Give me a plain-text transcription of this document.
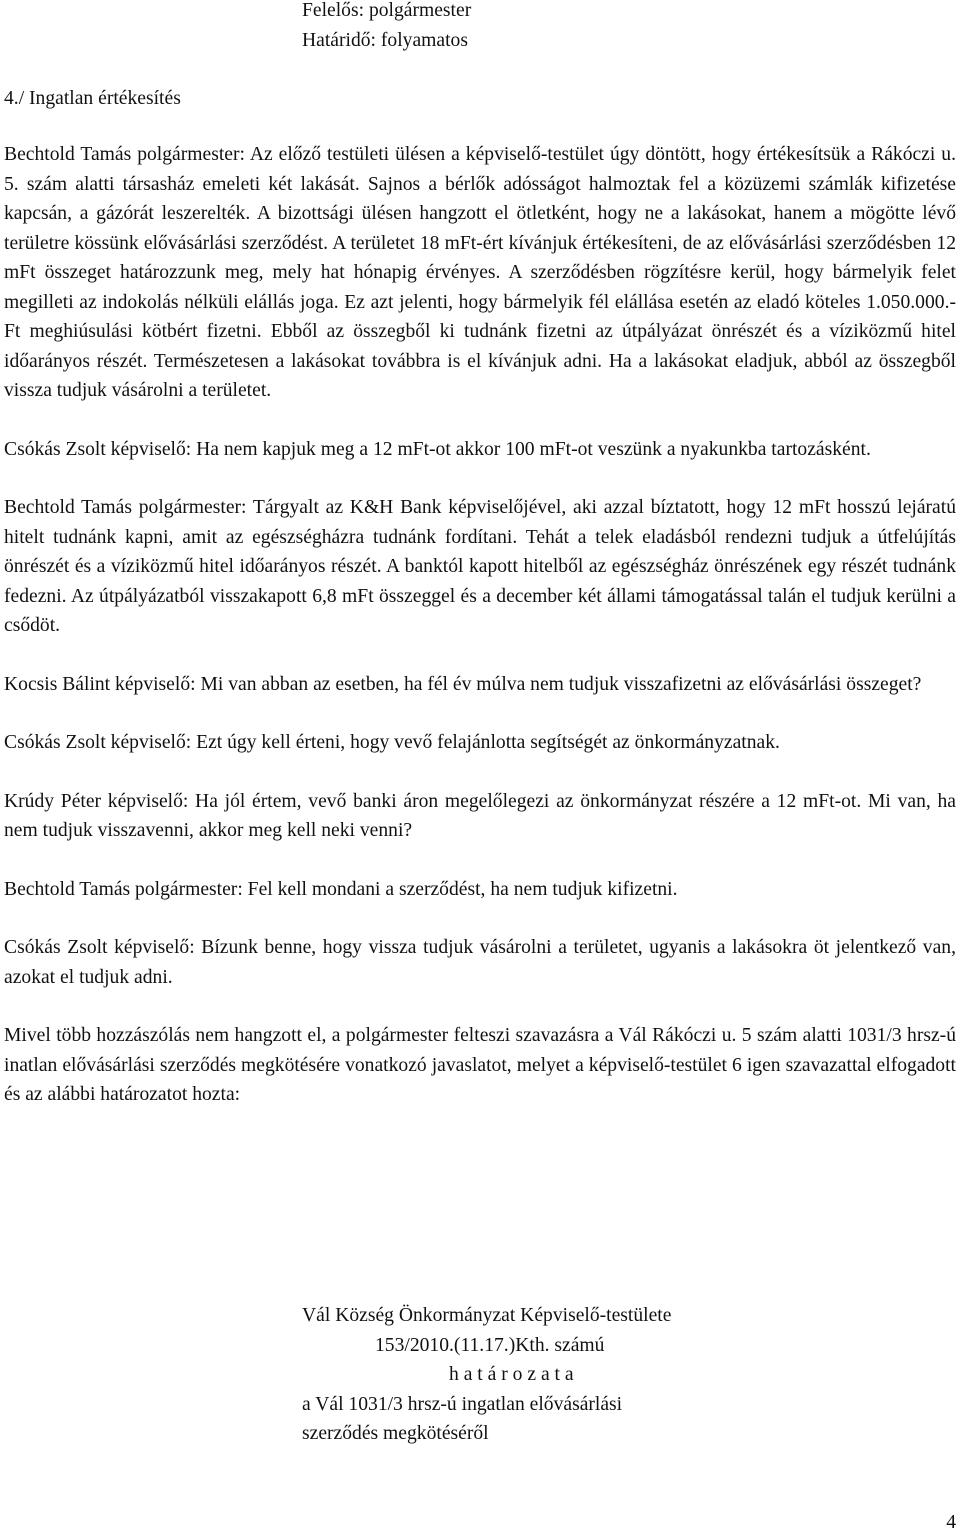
Felelős: polgármester
Határidő: folyamatos
4./ Ingatlan értékesítés

Bechtold Tamás polgármester: Az előző testületi ülésen a képviselő-testület úgy döntött, hogy értékesítsük a Rákóczi u. 5. szám alatti társasház emeleti két lakását. Sajnos a bérlők adósságot halmoztak fel a közüzemi számlák kifizetése kapcsán, a gázórát leszerelték. A bizottsági ülésen hangzott el ötletként, hogy ne a lakásokat, hanem a mögötte lévő területre kössünk elővásárlási szerződést. A területet 18 mFt-ért kívánjuk értékesíteni, de az elővásárlási szerződésben 12 mFt összeget határozzunk meg, mely hat hónapig érvényes. A szerződésben rögzítésre kerül, hogy bármelyik felet megilleti az indokolás nélküli elállás joga. Ez azt jelenti, hogy bármelyik fél elállása esetén az eladó köteles 1.050.000.-Ft meghiúsulási kötbért fizetni. Ebből az összegből ki tudnánk fizetni az útpályázat önrészét és a víziközmű hitel időarányos részét. Természetesen a lakásokat továbbra is el kívánjuk adni. Ha a lakásokat eladjuk, abból az összegből vissza tudjuk vásárolni a területet.

Csókás Zsolt képviselő: Ha nem kapjuk meg a 12 mFt-ot akkor 100 mFt-ot veszünk a nyakunkba tartozásként.

Bechtold Tamás polgármester: Tárgyalt az K&H Bank képviselőjével, aki azzal bíztatott, hogy 12 mFt hosszú lejáratú hitelt tudnánk kapni, amit az egészségházra tudnánk fordítani. Tehát a telek eladásból rendezni tudjuk a útfelújítás önrészét és a víziközmű hitel időarányos részét. A banktól kapott hitelből az egészségház önrészének egy részét tudnánk fedezni. Az útpályázatból visszakapott 6,8 mFt összeggel és a december két állami támogatással talán el tudjuk kerülni a csődöt.

Kocsis Bálint képviselő: Mi van abban az esetben, ha fél év múlva nem tudjuk visszafizetni az elővásárlási összeget?

Csókás Zsolt képviselő: Ezt úgy kell érteni, hogy vevő felajánlotta segítségét az önkormányzatnak.

Krúdy Péter képviselő: Ha jól értem, vevő banki áron megelőlegezi az önkormányzat részére a 12 mFt-ot. Mi van, ha nem tudjuk visszavenni, akkor meg kell neki venni?

Bechtold Tamás polgármester: Fel kell mondani a szerződést, ha nem tudjuk kifizetni.

Csókás Zsolt képviselő: Bízunk benne, hogy vissza tudjuk vásárolni a területet, ugyanis a lakásokra öt jelentkező van, azokat el tudjuk adni.

Mivel több hozzászólás nem hangzott el, a polgármester felteszi szavazásra a Vál Rákóczi u. 5 szám alatti 1031/3 hrsz-ú inatlan elővásárlási szerződés megkötésére vonatkozó javaslatot, melyet a képviselő-testület 6 igen szavazattal elfogadott és az alábbi határozatot hozta:

Vál Község Önkormányzat Képviselő-testülete
153/2010.(11.17.)Kth. számú
h a t á r o z a t a
a Vál 1031/3 hrsz-ú ingatlan elővásárlási
szerződés megkötéséről
4
